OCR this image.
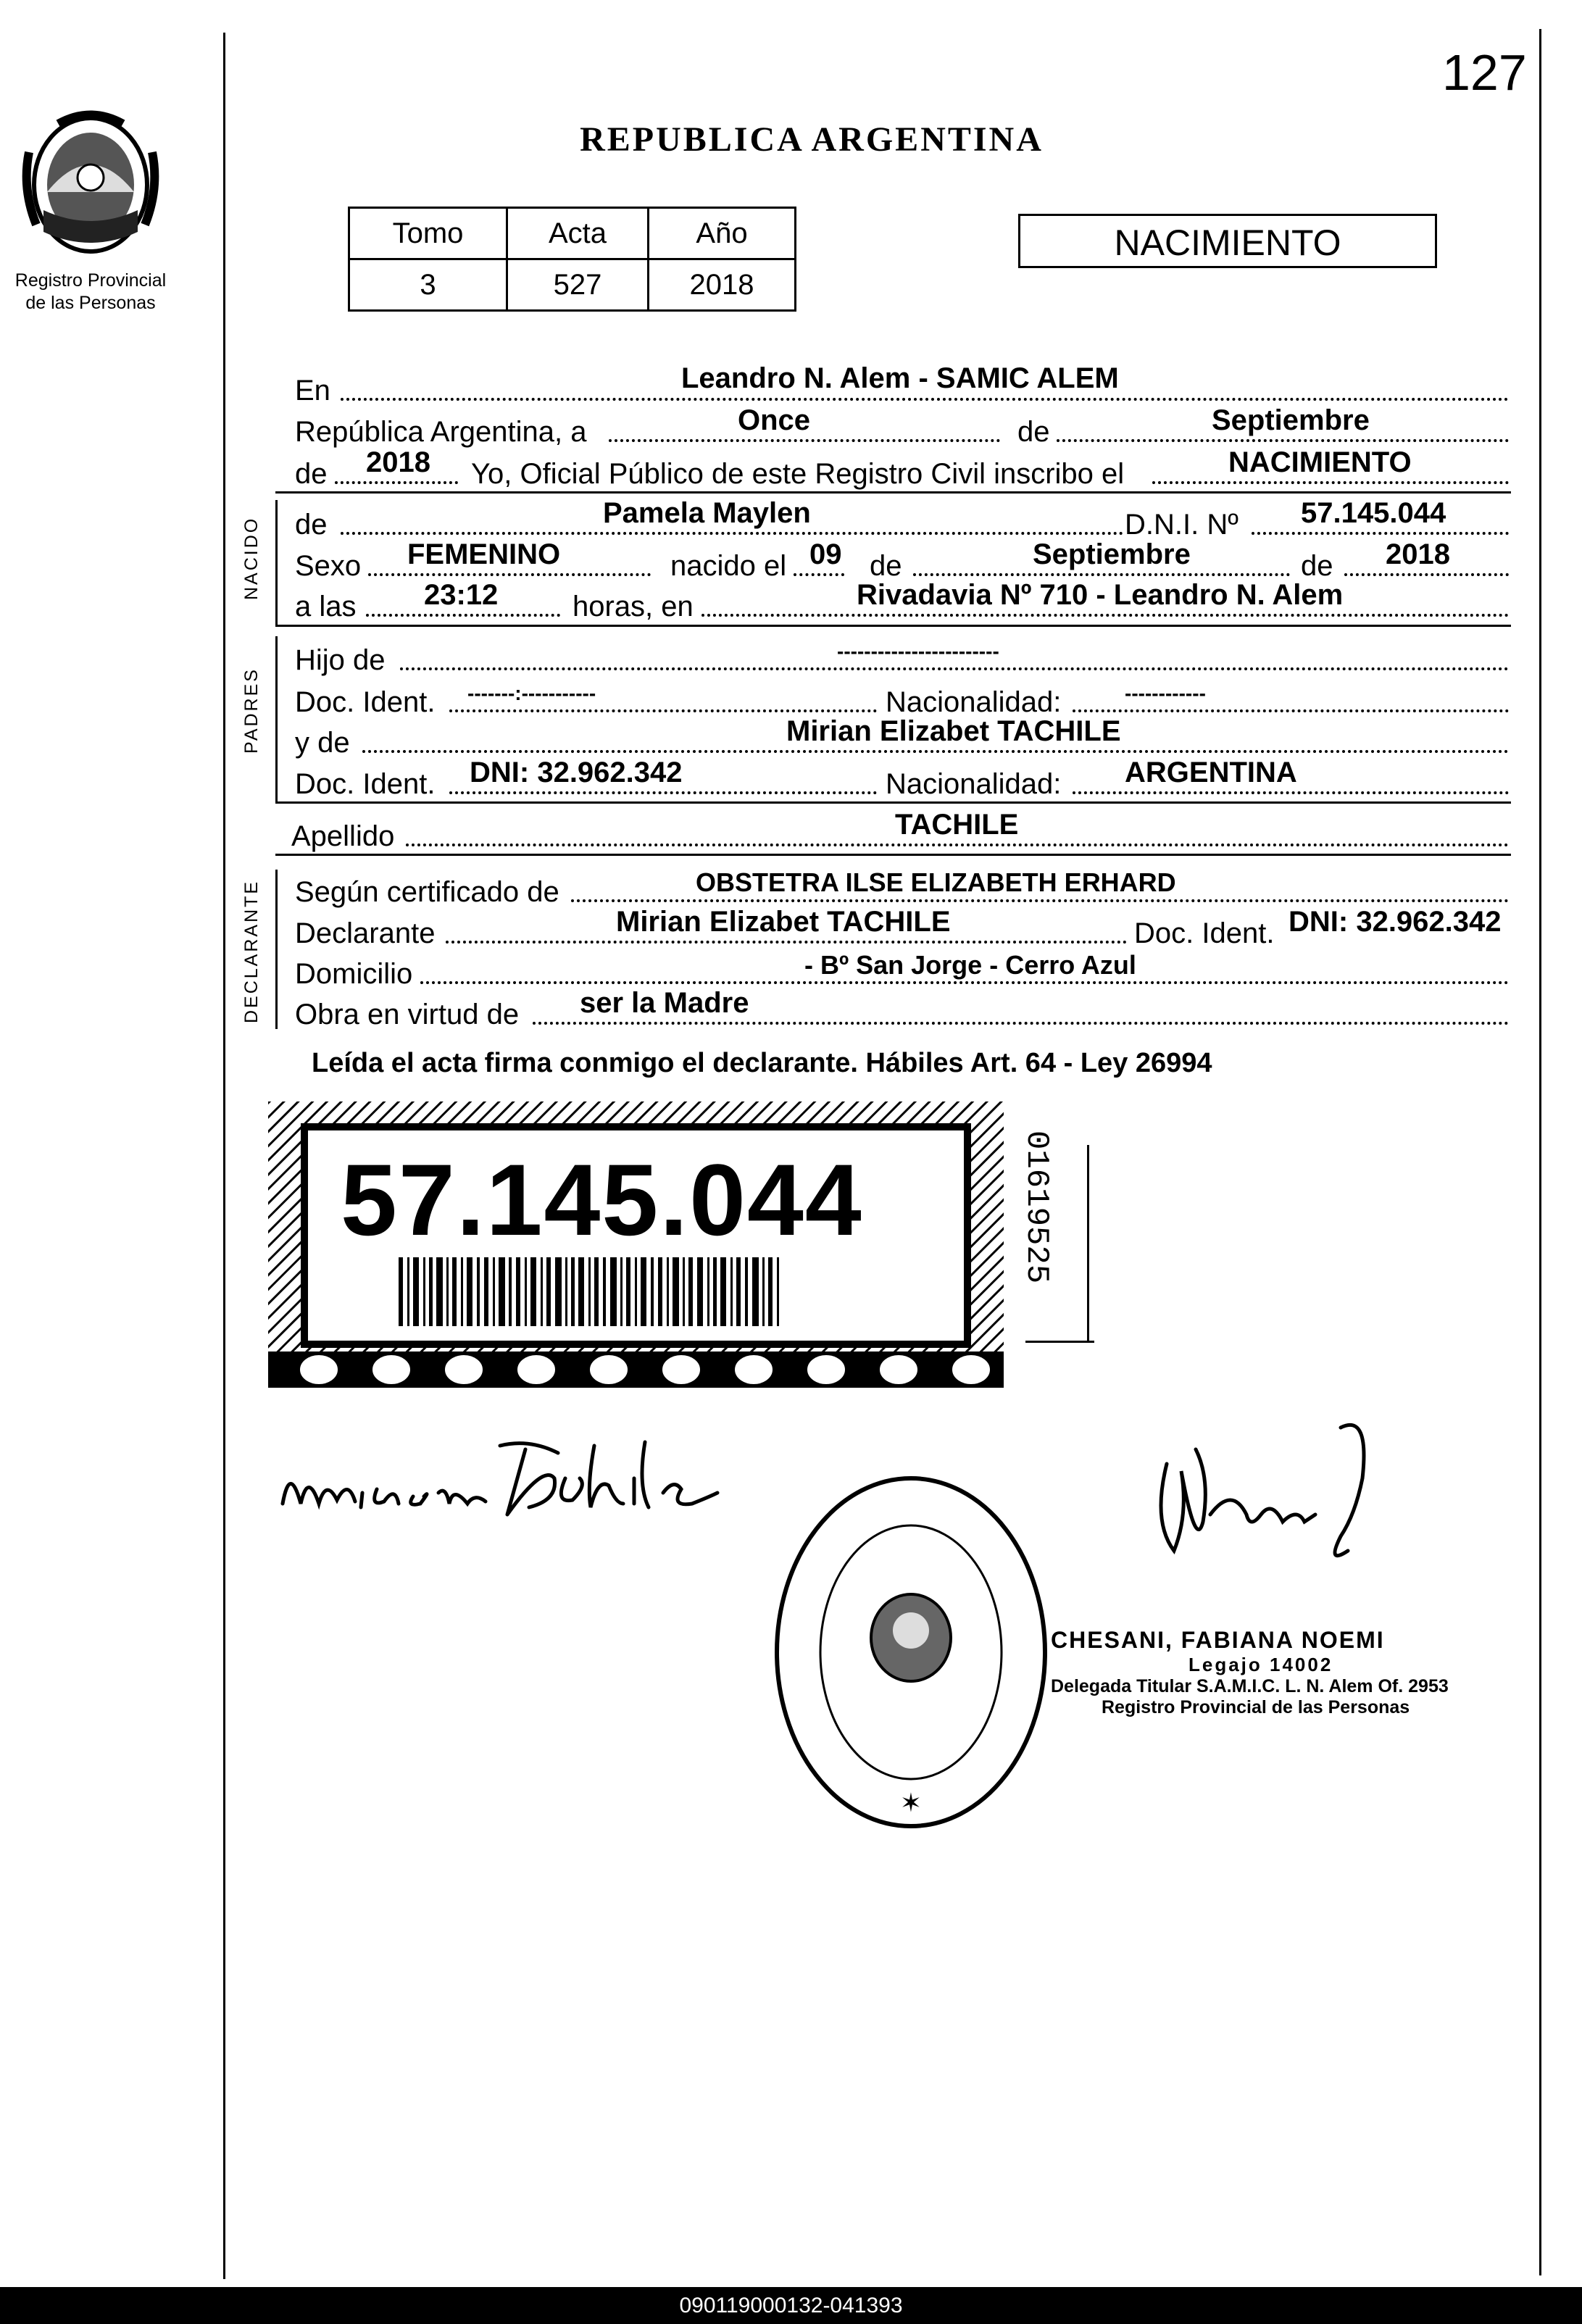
Registro Provincial
de las Personas
127
REPUBLICA ARGENTINA
Tomo	Acta	Año
3	527	2018
NACIMIENTO
En	Leandro N. Alem - SAMIC ALEM
República Argentina, a	Once	de	Septiembre
de 2018 Yo, Oficial Público de este Registro Civil inscribo el	NACIMIENTO
NACIDO de	Pamela Maylen	D.N.I. Nº 57.145.044
Sexo FEMENINO	nacido el 09 de	Septiembre	de 2018
a las 23:12	horas, en	Rivadavia Nº 710 - Leandro N. Alem
PADRES
Hijo de	------------------------
Doc. Ident. -------:-----------	Nacionalidad:	------------
y de	Mirian Elizabet TACHILE
Doc. Ident. DNI: 32.962.342	Nacionalidad: ARGENTINA
Apellido	TACHILE
DECLARANTE Según certificado de	OBSTETRA ILSE ELIZABETH ERHARD
Declarante	Mirian Elizabet TACHILE	Doc. Ident. DNI: 32.962.342
Domicilio	- Bº San Jorge - Cerro Azul
Obra en virtud de ser la Madre
Leída el acta firma conmigo el declarante. Hábiles Art. 64 - Ley 26994
57.145.044	01619525
✶
CHESANI, FABIANA NOEMI
Legajo 14002
Delegada Titular S.A.M.I.C. L. N. Alem Of. 2953
Registro Provincial de las Personas
090119000132-041393
